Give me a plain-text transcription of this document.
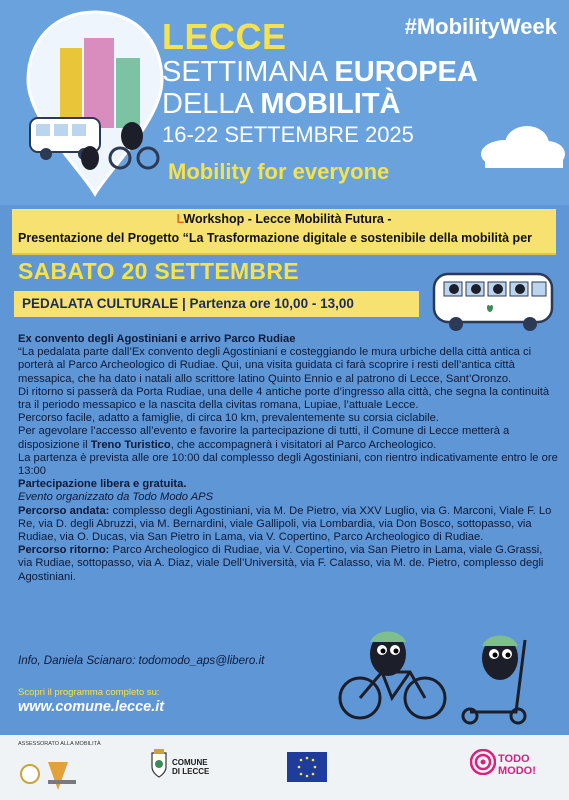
#MobilityWeek
LECCE
SETTIMANA EUROPEA
DELLA MOBILITÀ
16-22 SETTEMBRE 2025
Mobility for everyone
LWorkshop - Lecce Mobilità Futura -
Presentazione del Progetto “La Trasformazione digitale e sostenibile della mobilità per
SABATO 20 SETTEMBRE
PEDALATA CULTURALE | Partenza ore 10,00 - 13,00

Ex convento degli Agostiniani e arrivo Parco Rudiae

“La pedalata parte dall’Ex convento degli Agostiniani e costeggiando le mura urbiche della città antica ci porterà al Parco Archeologico di Rudiae. Qui, una visita guidata ci farà scoprire i resti dell’antica città messapica, che ha dato i natali allo scrittore latino Quinto Ennio e al patrono di Lecce, Sant’Oronzo.

Di ritorno si passerà da Porta Rudiae, una delle 4 antiche porte d’ingresso alla città, che segna la continuità tra il periodo messapico e la nascita della civitas romana, Lupiae, l’attuale Lecce.

Percorso facile, adatto a famiglie, di circa 10 km, prevalentemente su corsia ciclabile.

Per agevolare l’accesso all’evento e favorire la partecipazione di tutti, il Comune di Lecce metterà a disposizione il Treno Turistico, che accompagnerà i visitatori al Parco Archeologico.

La partenza è prevista alle ore 10:00 dal complesso degli Agostiniani, con rientro indicativamente entro le ore 13:00

Partecipazione libera e gratuita.

Evento organizzato da Todo Modo APS

Percorso andata: complesso degli Agostiniani, via M. De Pietro, via XXV Luglio, via G. Marconi, Viale F. Lo Re, via D. degli Abruzzi, via M. Bernardini, viale Gallipoli, via Lombardia, via Don Bosco, sottopasso, via Rudiae, via O. Ducas, via San Pietro in Lama, via V. Copertino, Parco Archeologico di Rudiae.

Percorso ritorno: Parco Archeologico di Rudiae, via V. Copertino, via San Pietro in Lama, viale G.Grassi, via Rudiae, sottopasso, via A. Diaz, viale Dell’Università, via F. Calasso, via M. de. Pietro, complesso degli Agostiniani.

Info, Daniela Scianaro: todomodo_aps@libero.it
Scopri il programma completo su:
www.comune.lecce.it
ASSESSORATO ALLA MOBILITÀ
COMUNE
DI LECCE
TODO
MODO!
